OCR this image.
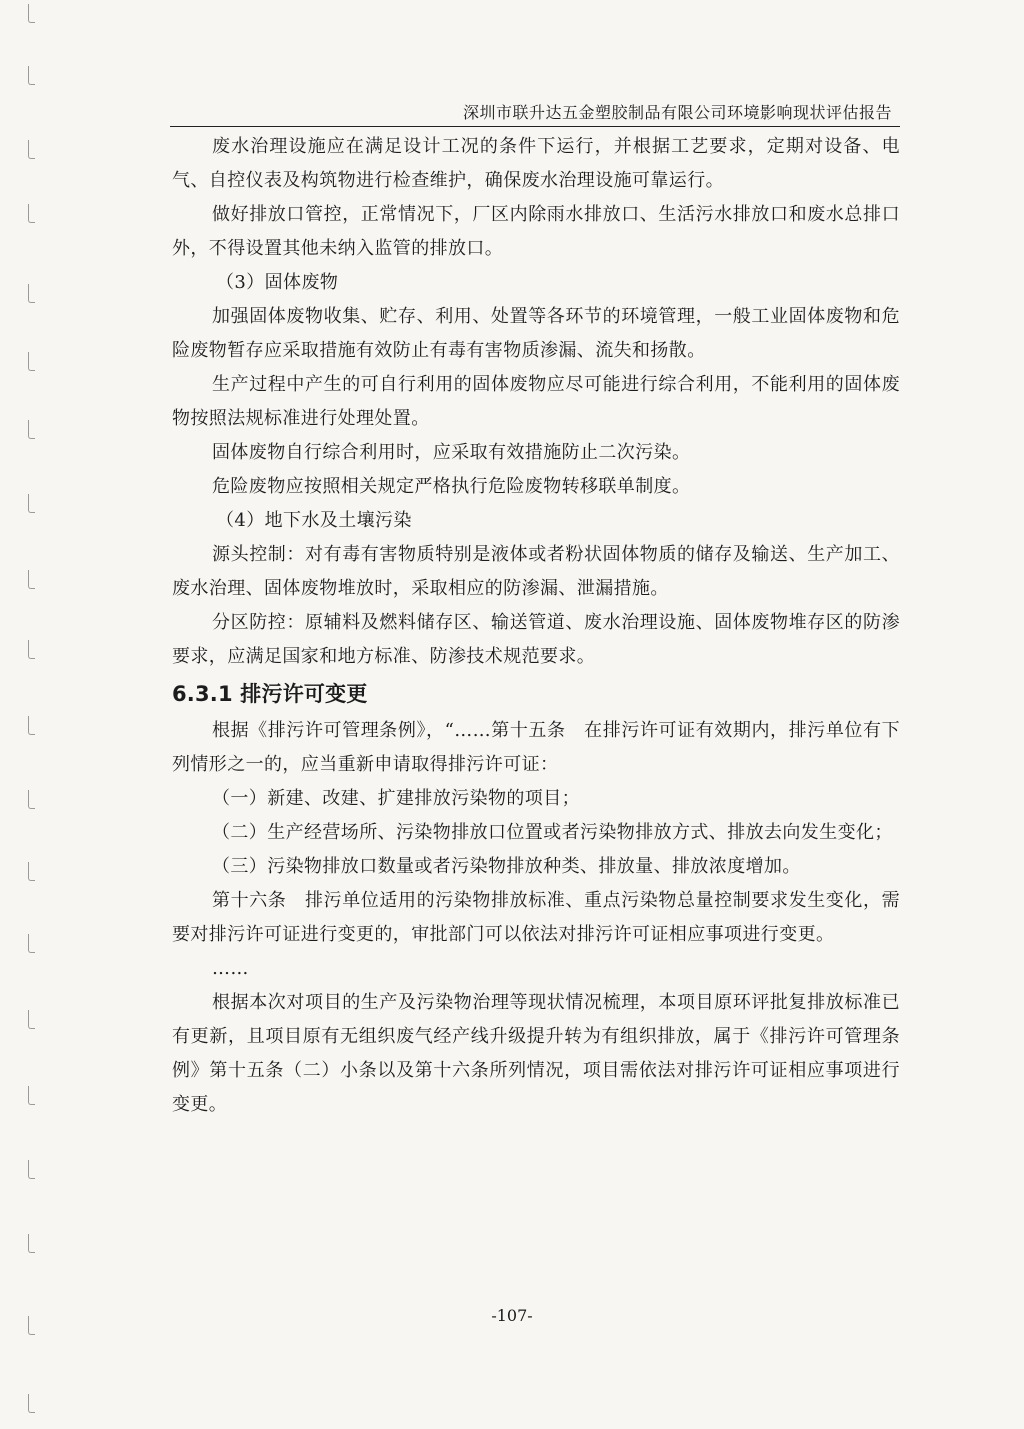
深圳市联升达五金塑胶制品有限公司环境影响现状评估报告

废水治理设施应在满足设计工况的条件下运行，并根据工艺要求，定期对设备、电气、自控仪表及构筑物进行检查维护，确保废水治理设施可靠运行。

做好排放口管控，正常情况下，厂区内除雨水排放口、生活污水排放口和废水总排口外，不得设置其他未纳入监管的排放口。

（3）固体废物

加强固体废物收集、贮存、利用、处置等各环节的环境管理，一般工业固体废物和危险废物暂存应采取措施有效防止有毒有害物质渗漏、流失和扬散。

生产过程中产生的可自行利用的固体废物应尽可能进行综合利用，不能利用的固体废物按照法规标准进行处理处置。

固体废物自行综合利用时，应采取有效措施防止二次污染。

危险废物应按照相关规定严格执行危险废物转移联单制度。

（4）地下水及土壤污染

源头控制：对有毒有害物质特别是液体或者粉状固体物质的储存及输送、生产加工、废水治理、固体废物堆放时，采取相应的防渗漏、泄漏措施。

分区防控：原辅料及燃料储存区、输送管道、废水治理设施、固体废物堆存区的防渗要求，应满足国家和地方标准、防渗技术规范要求。

6.3.1 排污许可变更

根据《排污许可管理条例》，“……第十五条　在排污许可证有效期内，排污单位有下列情形之一的，应当重新申请取得排污许可证：

（一）新建、改建、扩建排放污染物的项目；

（二）生产经营场所、污染物排放口位置或者污染物排放方式、排放去向发生变化；

（三）污染物排放口数量或者污染物排放种类、排放量、排放浓度增加。

第十六条　排污单位适用的污染物排放标准、重点污染物总量控制要求发生变化，需要对排污许可证进行变更的，审批部门可以依法对排污许可证相应事项进行变更。

……

根据本次对项目的生产及污染物治理等现状情况梳理，本项目原环评批复排放标准已有更新，且项目原有无组织废气经产线升级提升转为有组织排放，属于《排污许可管理条例》第十五条（二）小条以及第十六条所列情况，项目需依法对排污许可证相应事项进行变更。

-107-
